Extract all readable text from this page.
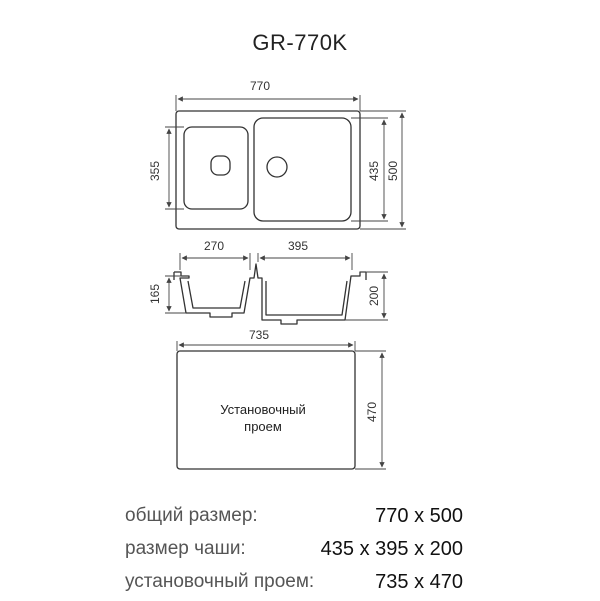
GR-770K
770
355	435 500
270	395
165	200
735
470
Установочный
проем
общий размер:	770 x 500
размер чаши:	435 x 395 x 200
установочный проем:	735 x 470
